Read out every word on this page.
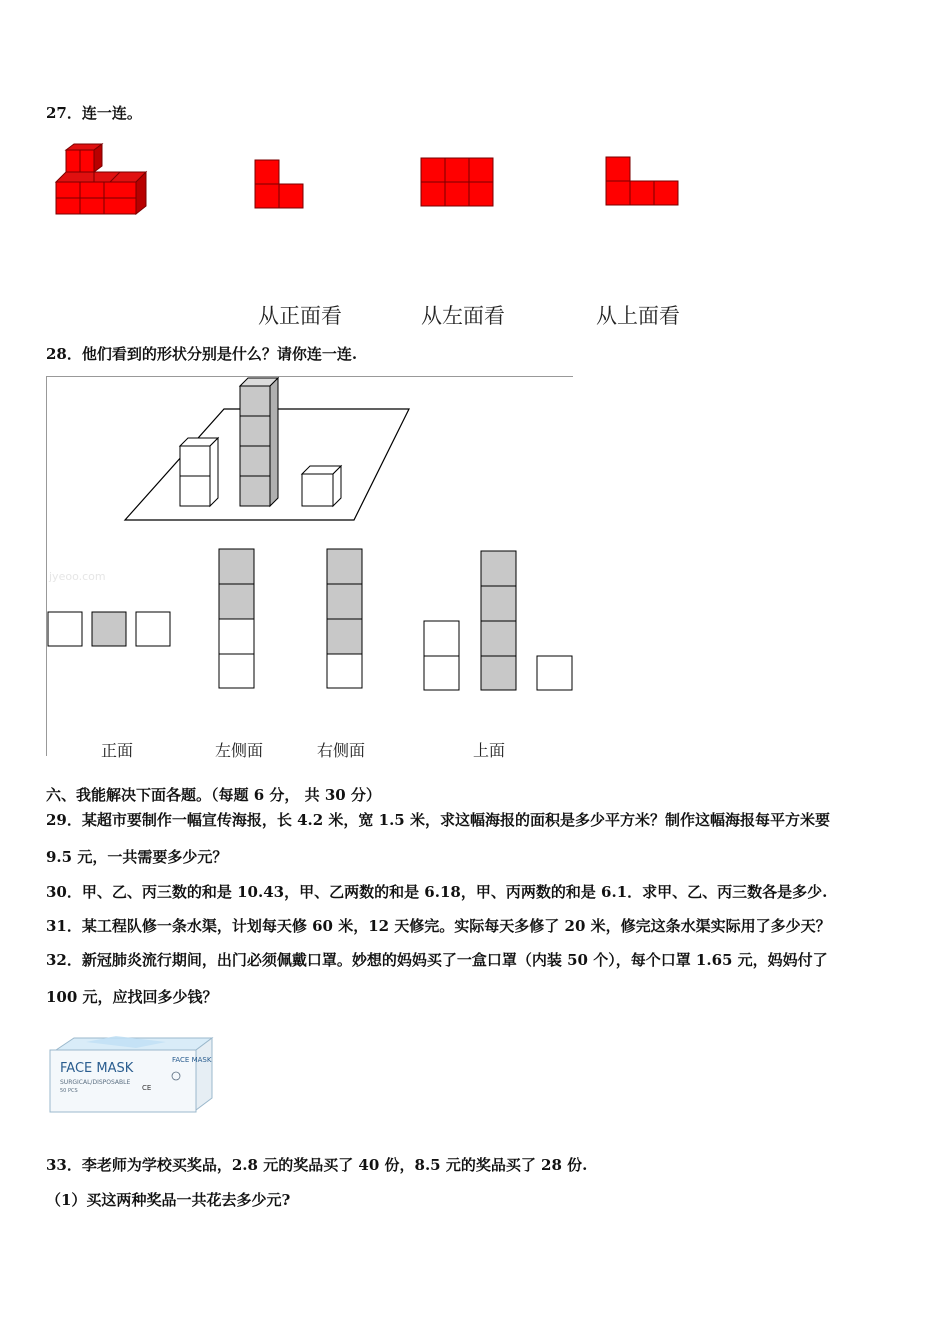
27．连一连。
从正面看	从左面看	从上面看
28．他们看到的形状分别是什么？请你连一连.
jyeoo.com
正面	左侧面	右侧面	上面
六、我能解决下面各题。（每题 6 分， 共 30 分）
29．某超市要制作一幅宣传海报，长 4.2 米，宽 1.5 米，求这幅海报的面积是多少平方米？制作这幅海报每平方米要
9.5 元，一共需要多少元？
30．甲、乙、丙三数的和是 10.43，甲、乙两数的和是 6.18，甲、丙两数的和是 6.1．求甲、乙、丙三数各是多少.
31．某工程队修一条水渠，计划每天修 60 米，12 天修完。实际每天多修了 20 米，修完这条水渠实际用了多少天？
32．新冠肺炎流行期间，出门必须佩戴口罩。妙想的妈妈买了一盒口罩（内装 50 个），每个口罩 1.65 元，妈妈付了
100 元，应找回多少钱？
FACE MASK
SURGICAL/DISPOSABLE
50 PCS	CE
FACE MASK
33．李老师为学校买奖品，2.8 元的奖品买了 40 份，8.5 元的奖品买了 28 份.
（1）买这两种奖品一共花去多少元?
